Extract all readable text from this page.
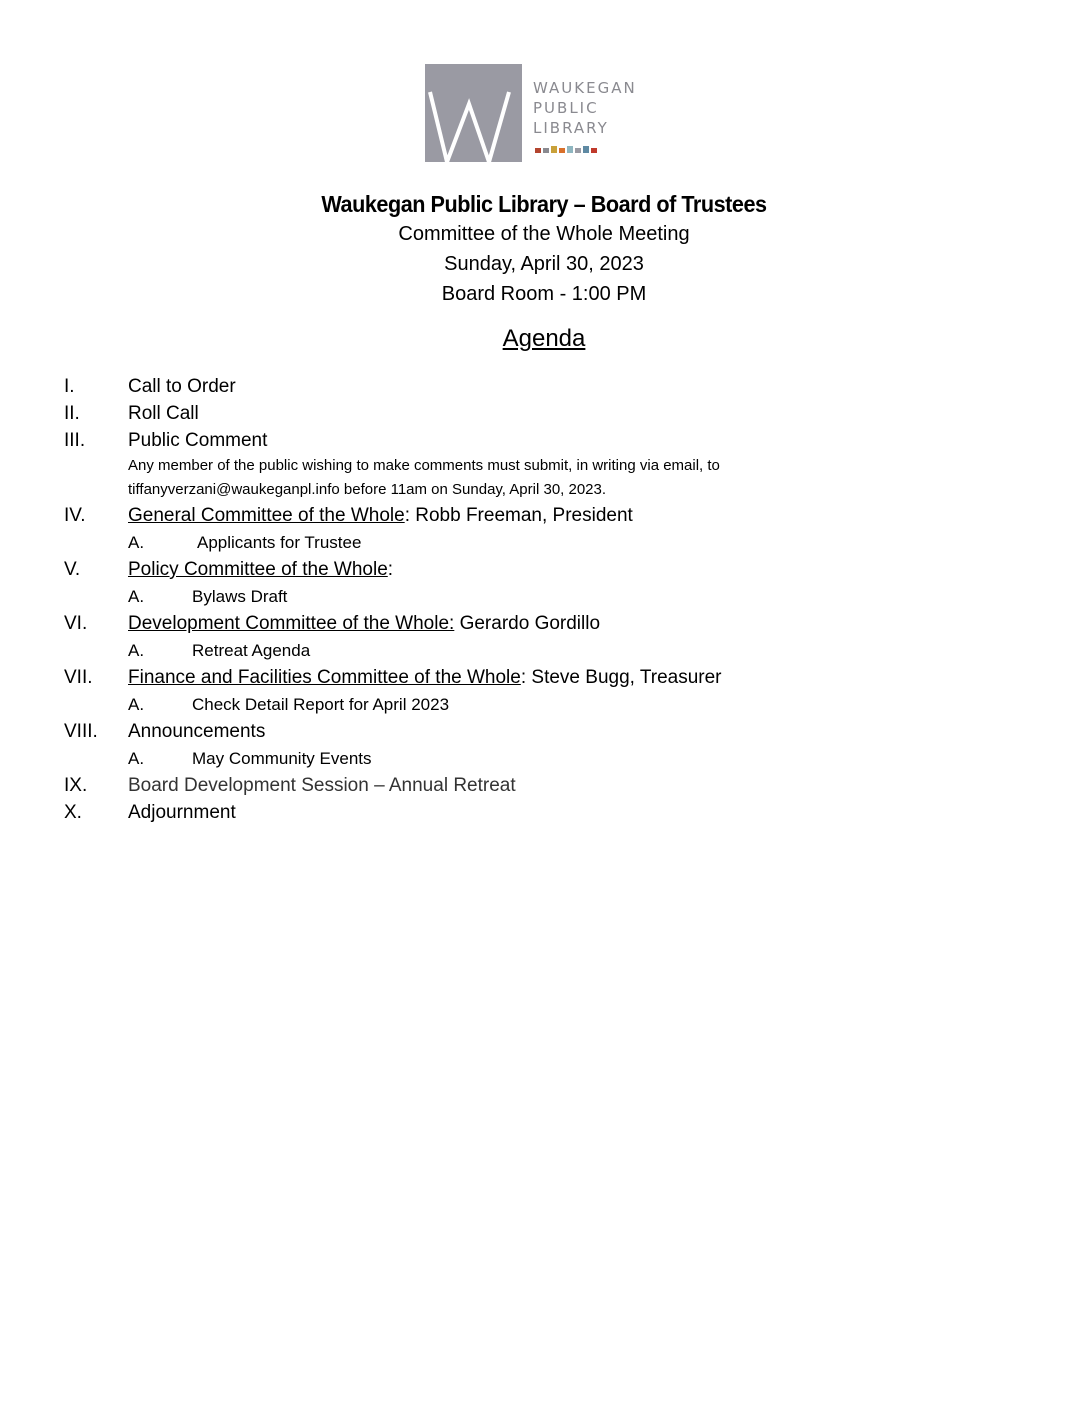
WAUKEGAN
PUBLIC
LIBRARY
Waukegan Public Library – Board of Trustees
Committee of the Whole Meeting
Sunday, April 30, 2023
Board Room - 1:00 PM
Agenda
I.	Call to Order
II.	Roll Call
III. Public Comment
Any member of the public wishing to make comments must submit, in writing via email, to
tiffanyverzani@waukeganpl.info before 11am on Sunday, April 30, 2023.
IV. General Committee of the Whole: Robb Freeman, President
A.	Applicants for Trustee
V.	Policy Committee of the Whole:
A.	Bylaws Draft
VI. Development Committee of the Whole: Gerardo Gordillo
A.	Retreat Agenda
VII. Finance and Facilities Committee of the Whole: Steve Bugg, Treasurer
A.	Check Detail Report for April 2023
VIII. Announcements
A.	May Community Events
IX. Board Development Session – Annual Retreat
X. Adjournment
